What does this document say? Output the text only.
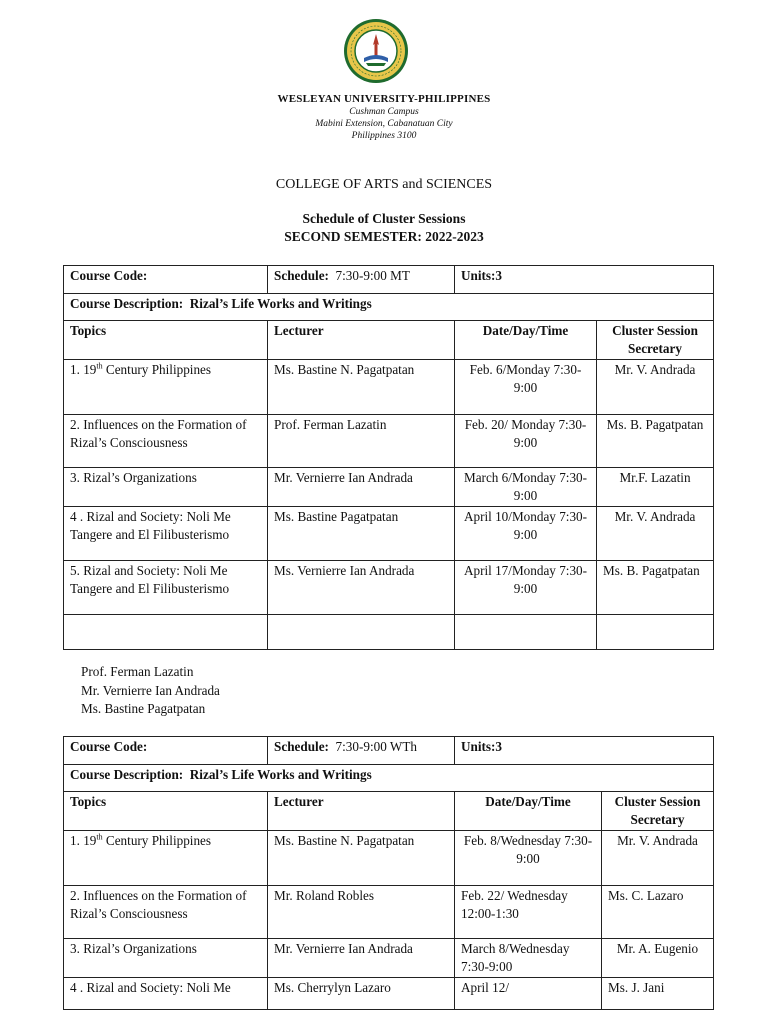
WESLEYAN UNIVERSITY-PHILIPPINES
Cushman Campus
Mabini Extension, Cabanatuan City
Philippines 3100
COLLEGE OF ARTS and SCIENCES
Schedule of Cluster Sessions
SECOND SEMESTER: 2022-2023
Course Code:	Schedule: 7:30-9:00 MT	Units:3	
Course Description: Rizal’s Life Works and Writings			
Topics	Lecturer	Date/Day/Time	Cluster Session
Secretary
1. 19th Century Philippines	Ms. Bastine N. Pagatpatan	Feb. 6/Monday 7:30-9:00	Mr. V. Andrada
2. Influences on the Formation of Rizal’s Consciousness	Prof. Ferman Lazatin	Feb. 20/ Monday 7:30-9:00	Ms. B. Pagatpatan
3. Rizal’s Organizations	Mr. Vernierre Ian Andrada	March 6/Monday 7:30-9:00	Mr.F. Lazatin
4 . Rizal and Society: Noli Me Tangere and El Filibusterismo	Ms. Bastine Pagatpatan	April 10/Monday 7:30-9:00	Mr. V. Andrada
5. Rizal and Society: Noli Me Tangere and El Filibusterismo	Ms. Vernierre Ian Andrada	April 17/Monday 7:30-9:00	Ms. B. Pagatpatan

Prof. Ferman Lazatin
Mr. Vernierre Ian Andrada
Ms. Bastine Pagatpatan
Course Code:	Schedule: 7:30-9:00 WTh	Units:3	
Course Description: Rizal’s Life Works and Writings			
Topics	Lecturer	Date/Day/Time	Cluster Session
Secretary
1. 19th Century Philippines	Ms. Bastine N. Pagatpatan	Feb. 8/Wednesday 7:30-9:00	Mr. V. Andrada
2. Influences on the Formation of Rizal’s Consciousness	Mr. Roland Robles	Feb. 22/ Wednesday 12:00-1:30	Ms. C. Lazaro
3. Rizal’s Organizations	Mr. Vernierre Ian Andrada	March 8/Wednesday 7:30-9:00	Mr. A. Eugenio
4 . Rizal and Society: Noli Me	Ms. Cherrylyn Lazaro	April 12/	Ms. J. Jani
